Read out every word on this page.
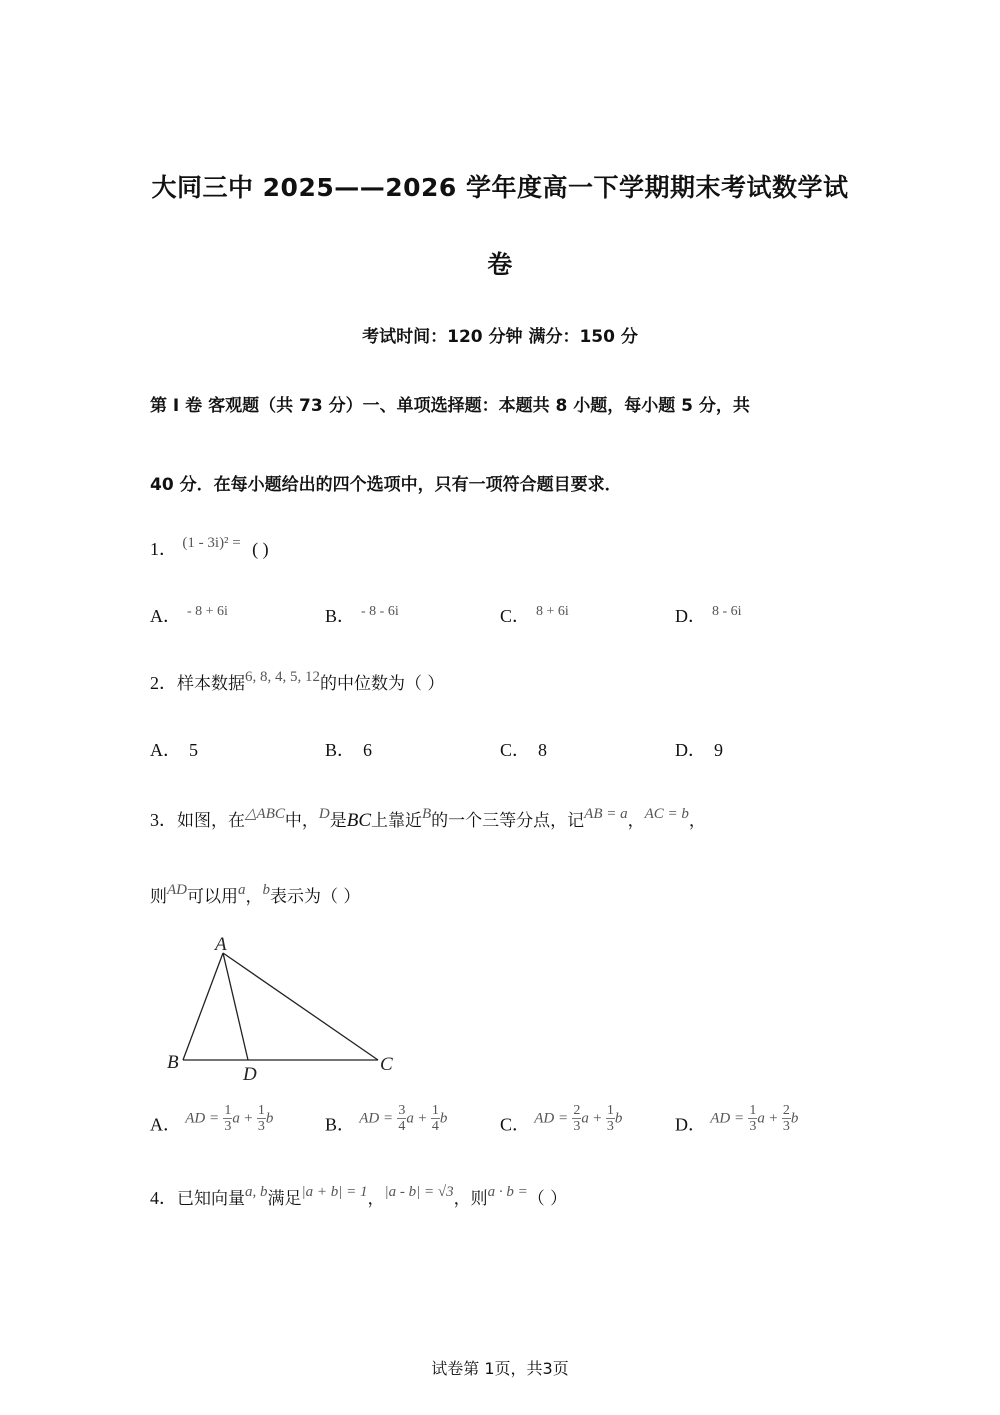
大同三中 2025——2026 学年度高一下学期期末考试数学试
卷
考试时间：120 分钟 满分：150 分
第 I 卷 客观题（共 73 分）一、单项选择题：本题共 8 小题，每小题 5 分，共
40 分．在每小题给出的四个选项中，只有一项符合题目要求．
1． (1 - 3i)² = ( )
A． $^{- 8 + 6i}$	B． $^{- 8 - 6i}$	C． $^{8 + 6i}$	D． $^{8 - 6i}$
2．样本数据6, 8, 4, 5, 12的中位数为（ ）
A． 5	B． 6	C． 8	D． 9
3．如图，在△ABC中，D是BC上靠近B的一个三等分点，记AB = a，AC = b，
则AD可以用a，b表示为（ ）
A
B	C
D
A． AD = $\frac{1}{3}$ $a + \frac{1}{3}$ b	B． AD = $\frac{3}{4}$ $a + \frac{1}{4}$ b	C． AD = $\frac{2}{3}$ $a + \frac{1}{3}$ b	D． AD = $\frac{1}{3}$ $a + \frac{2}{3}$ b
4．已知向量a, b满足|a + b| = 1，|a - b| = √3，则a · b =（ ）
试卷第 1页，共3页
